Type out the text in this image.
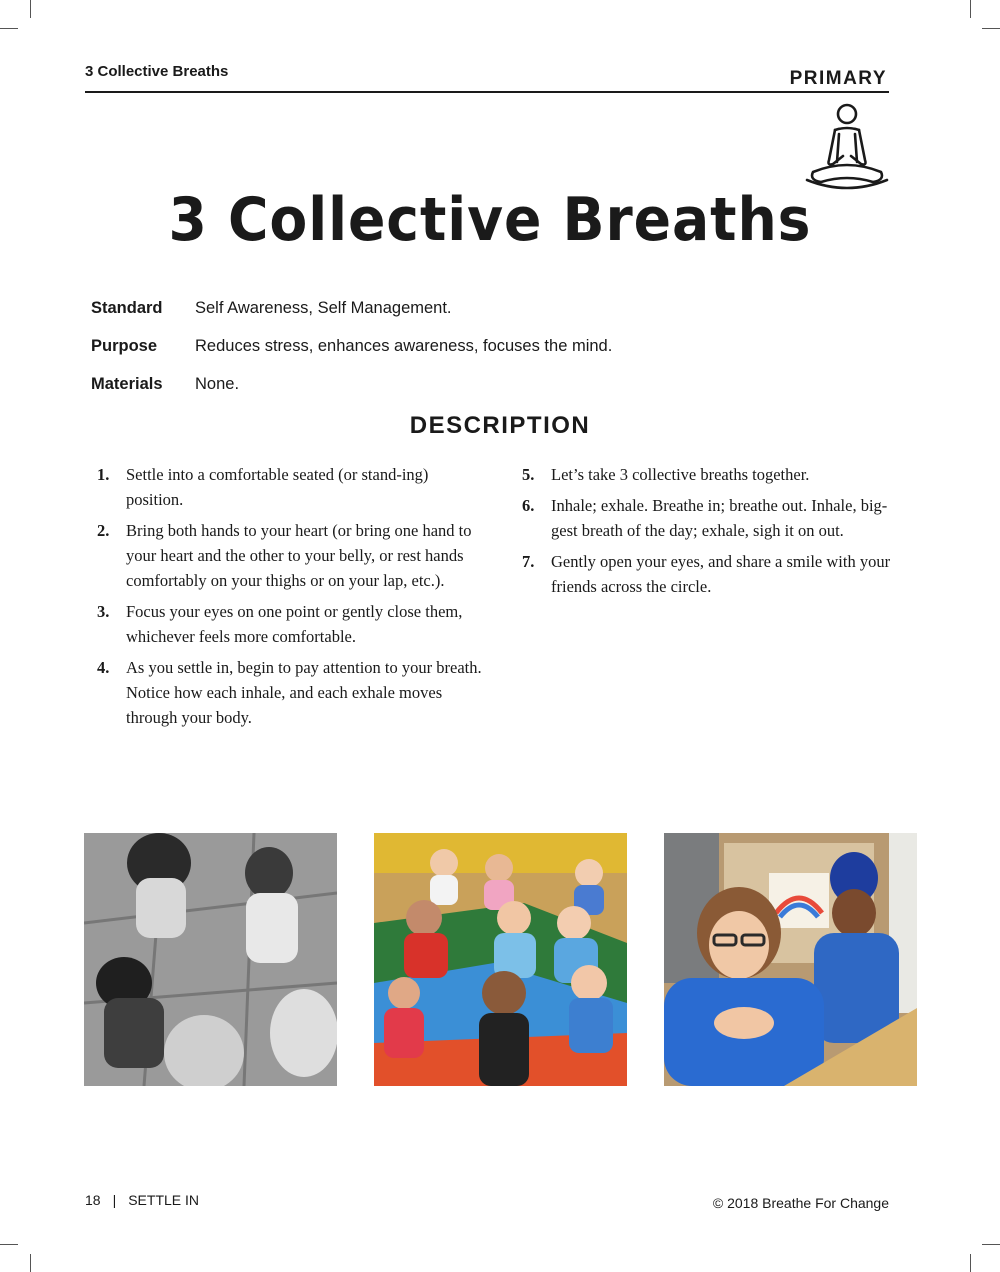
3 Collective Breaths	PRIMARY
3 Collective Breaths
Standard	Self Awareness, Self Management.
Purpose	Reduces stress, enhances awareness, focuses the mind.
Materials	None.
DESCRIPTION
1.	Settle into a comfortable seated (or stand-ing) position.
2.	Bring both hands to your heart (or bring one hand to your heart and the other to your belly, or rest hands comfortably on your thighs or on your lap, etc.).
3.	Focus your eyes on one point or gently close them, whichever feels more comfortable.
4.	As you settle in, begin to pay attention to your breath. Notice how each inhale, and each exhale moves through your body.
5.	Let’s take 3 collective breaths together.
6.	Inhale; exhale. Breathe in; breathe out. Inhale, big-gest breath of the day; exhale, sigh it on out.
7.	Gently open your eyes, and share a smile with your friends across the circle.
18 | SETTLE IN	© 2018 Breathe For Change
